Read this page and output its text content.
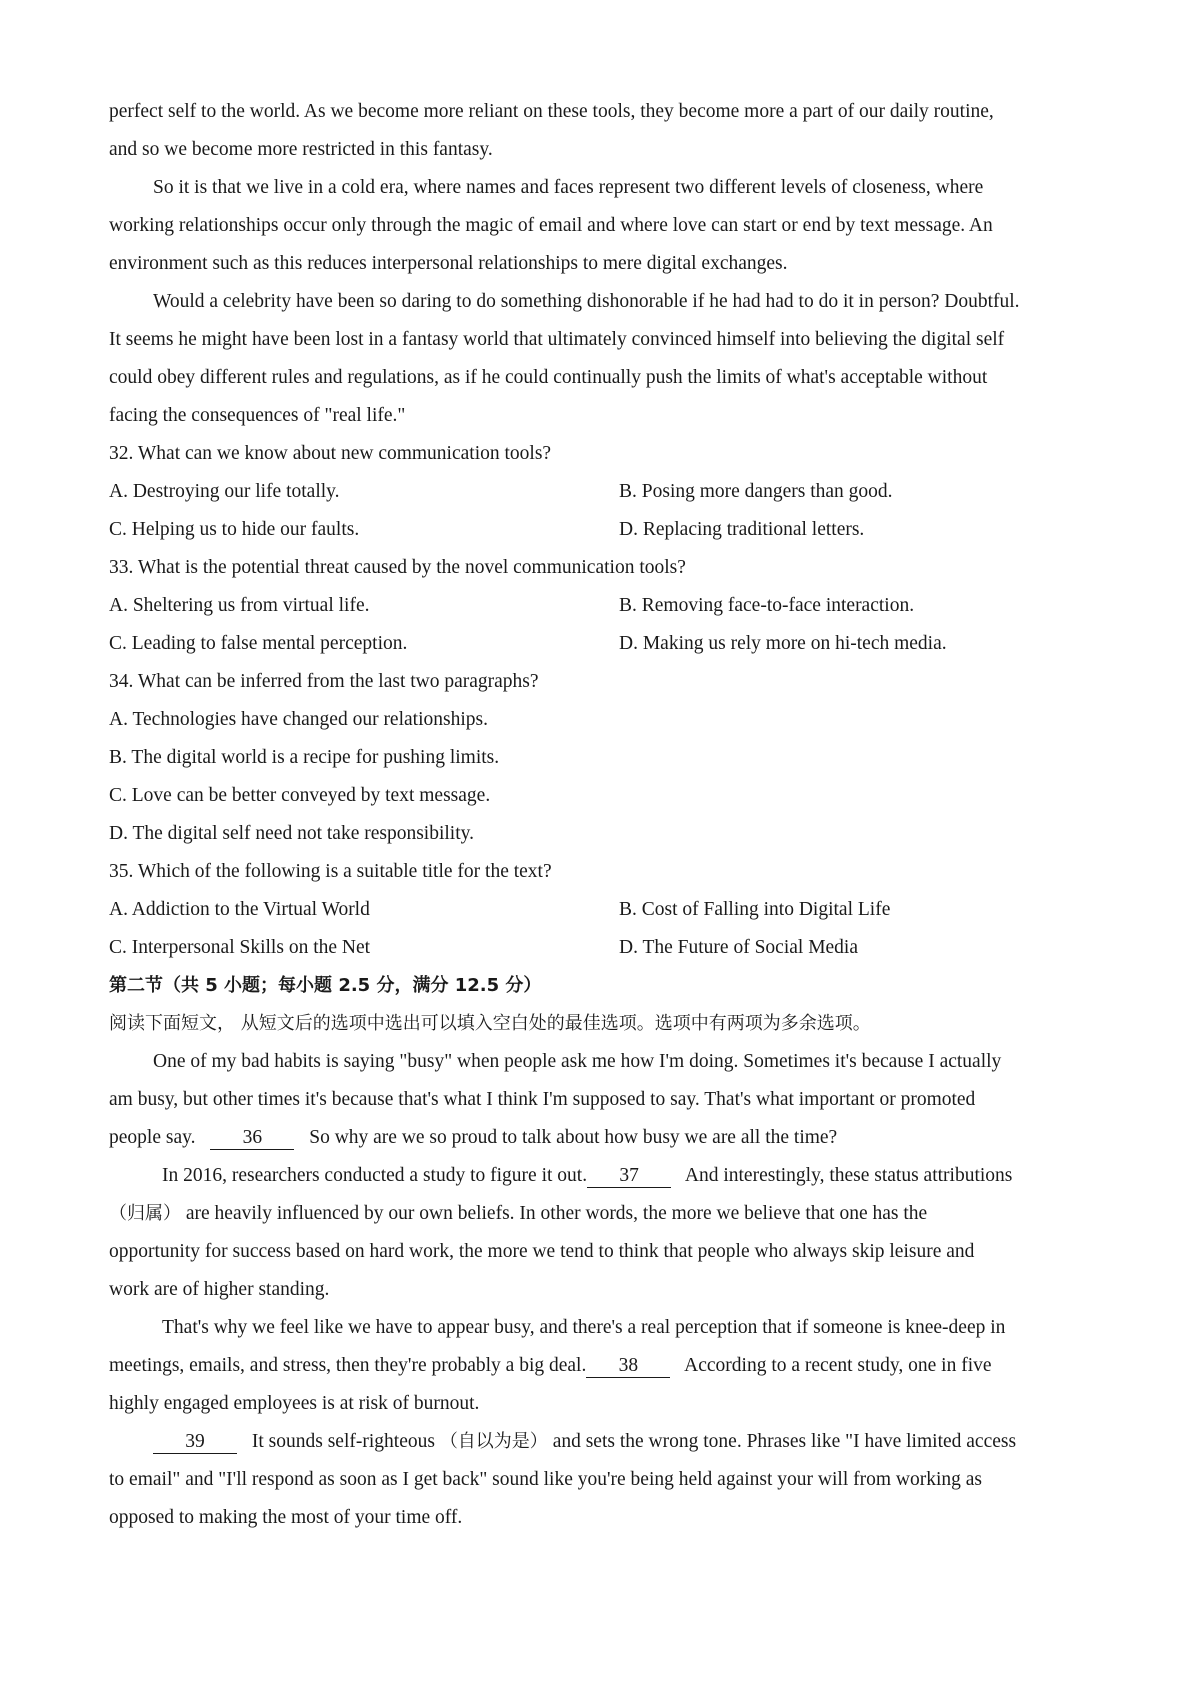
perfect self to the world. As we become more reliant on these tools, they become more a part of our daily routine,
and so we become more restricted in this fantasy.
So it is that we live in a cold era, where names and faces represent two different levels of closeness, where
working relationships occur only through the magic of email and where love can start or end by text message. An
environment such as this reduces interpersonal relationships to mere digital exchanges.
Would a celebrity have been so daring to do something dishonorable if he had had to do it in person? Doubtful.
It seems he might have been lost in a fantasy world that ultimately convinced himself into believing the digital self
could obey different rules and regulations, as if he could continually push the limits of what's acceptable without
facing the consequences of "real life."
32. What can we know about new communication tools?
A. Destroying our life totally.	B. Posing more dangers than good.
C. Helping us to hide our faults.	D. Replacing traditional letters.
33. What is the potential threat caused by the novel communication tools?
A. Sheltering us from virtual life.	B. Removing face-to-face interaction.
C. Leading to false mental perception.	D. Making us rely more on hi-tech media.
34. What can be inferred from the last two paragraphs?
A. Technologies have changed our relationships.
B. The digital world is a recipe for pushing limits.
C. Love can be better conveyed by text message.
D. The digital self need not take responsibility.
35. Which of the following is a suitable title for the text?
A. Addiction to the Virtual World	B. Cost of Falling into Digital Life
C. Interpersonal Skills on the Net	D. The Future of Social Media
第二节（共 5 小题；每小题 2.5 分，满分 12.5 分）
阅读下面短文， 从短文后的选项中选出可以填入空白处的最佳选项。选项中有两项为多余选项。
One of my bad habits is saying "busy" when people ask me how I'm doing. Sometimes it's because I actually
am busy, but other times it's because that's what I think I'm supposed to say. That's what important or promoted
people say. 36 So why are we so proud to talk about how busy we are all the time?
In 2016, researchers conducted a study to figure it out. 37 And interestingly, these status attributions
（归属） are heavily influenced by our own beliefs. In other words, the more we believe that one has the
opportunity for success based on hard work, the more we tend to think that people who always skip leisure and
work are of higher standing.
That's why we feel like we have to appear busy, and there's a real perception that if someone is knee-deep in
meetings, emails, and stress, then they're probably a big deal. 38 According to a recent study, one in five
highly engaged employees is at risk of burnout.
39 It sounds self-righteous （自以为是） and sets the wrong tone. Phrases like "I have limited access
to email" and "I'll respond as soon as I get back" sound like you're being held against your will from working as
opposed to making the most of your time off.
